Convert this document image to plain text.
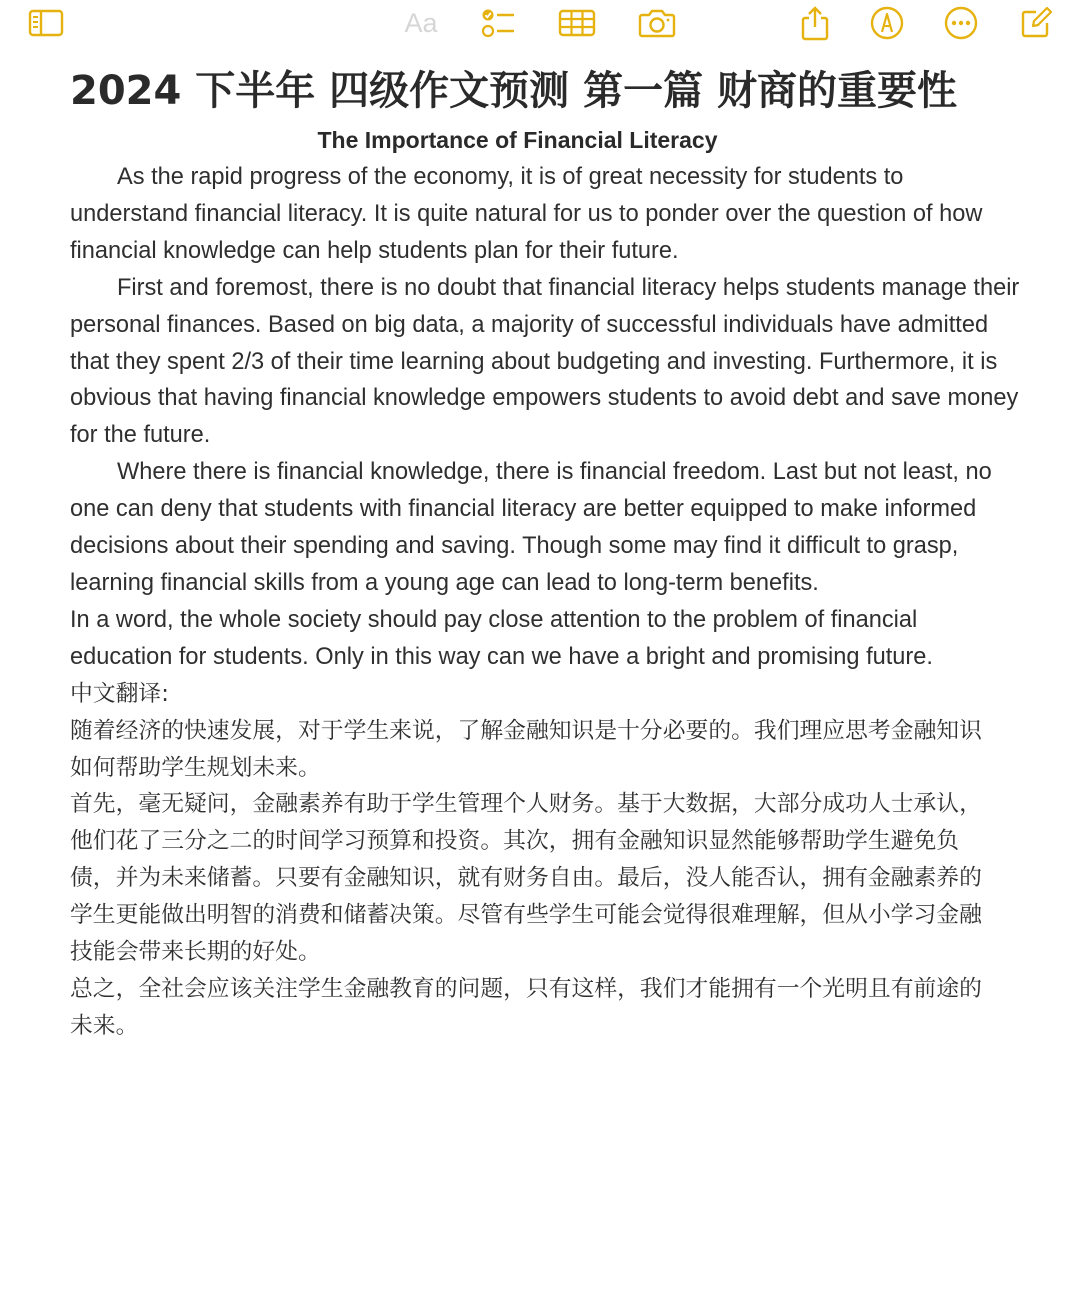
Aa
2024 下半年 四级作文预测 第一篇 财商的重要性
The Importance of Financial Literacy

As the rapid progress of the economy, it is of great necessity for students to understand financial literacy. It is quite natural for us to ponder over the question of how financial knowledge can help students plan for their future.

First and foremost, there is no doubt that financial literacy helps students manage their personal finances. Based on big data, a majority of successful individuals have admitted that they spent 2/3 of their time learning about budgeting and investing. Furthermore, it is obvious that having financial knowledge empowers students to avoid debt and save money for the future.

Where there is financial knowledge, there is financial freedom. Last but not least, no one can deny that students with financial literacy are better equipped to make informed decisions about their spending and saving. Though some may find it difficult to grasp, learning financial skills from a young age can lead to long-term benefits.

In a word, the whole society should pay close attention to the problem of financial education for students. Only in this way can we have a bright and promising future.

中文翻译:

随着经济的快速发展，对于学生来说，了解金融知识是十分必要的。我们理应思考金融知识如何帮助学生规划未来。

首先，毫无疑问，金融素养有助于学生管理个人财务。基于大数据，大部分成功人士承认，他们花了三分之二的时间学习预算和投资。其次，拥有金融知识显然能够帮助学生避免负债，并为未来储蓄。只要有金融知识，就有财务自由。最后，没人能否认，拥有金融素养的学生更能做出明智的消费和储蓄决策。尽管有些学生可能会觉得很难理解，但从小学习金融技能会带来长期的好处。

总之，全社会应该关注学生金融教育的问题，只有这样，我们才能拥有一个光明且有前途的未来。
